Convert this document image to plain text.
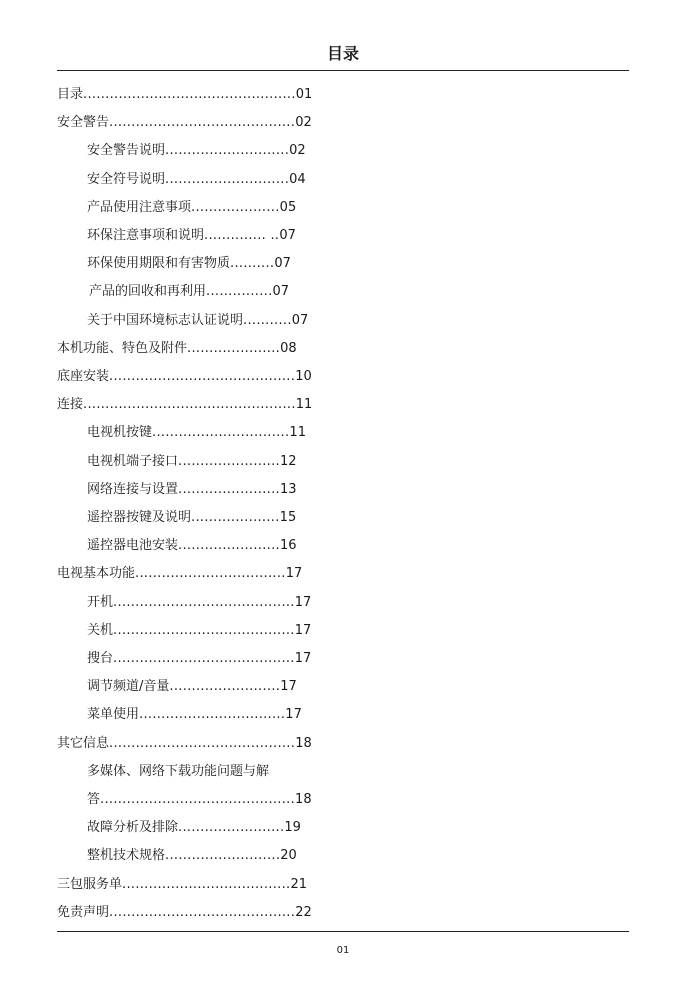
目录
目录................................................01
安全警告..........................................02
安全警告说明............................02
安全符号说明............................04
产品使用注意事项....................05
环保注意事项和说明.............. ..07
环保使用期限和有害物质..........07
产品的回收和再利用...............07
关于中国环境标志认证说明...........07
本机功能、特色及附件.....................08
底座安装..........................................10
连接................................................11
电视机按键...............................11
电视机端子接口.......................12
网络连接与设置.......................13
遥控器按键及说明....................15
遥控器电池安装.......................16
电视基本功能..................................17
开机.........................................17
关机.........................................17
搜台.........................................17
调节频道/音量.........................17
菜单使用.................................17
其它信息..........................................18
多媒体、网络下载功能问题与解
答............................................18
故障分析及排除........................19
整机技术规格..........................20
三包服务单......................................21
免责声明..........................................22
01
